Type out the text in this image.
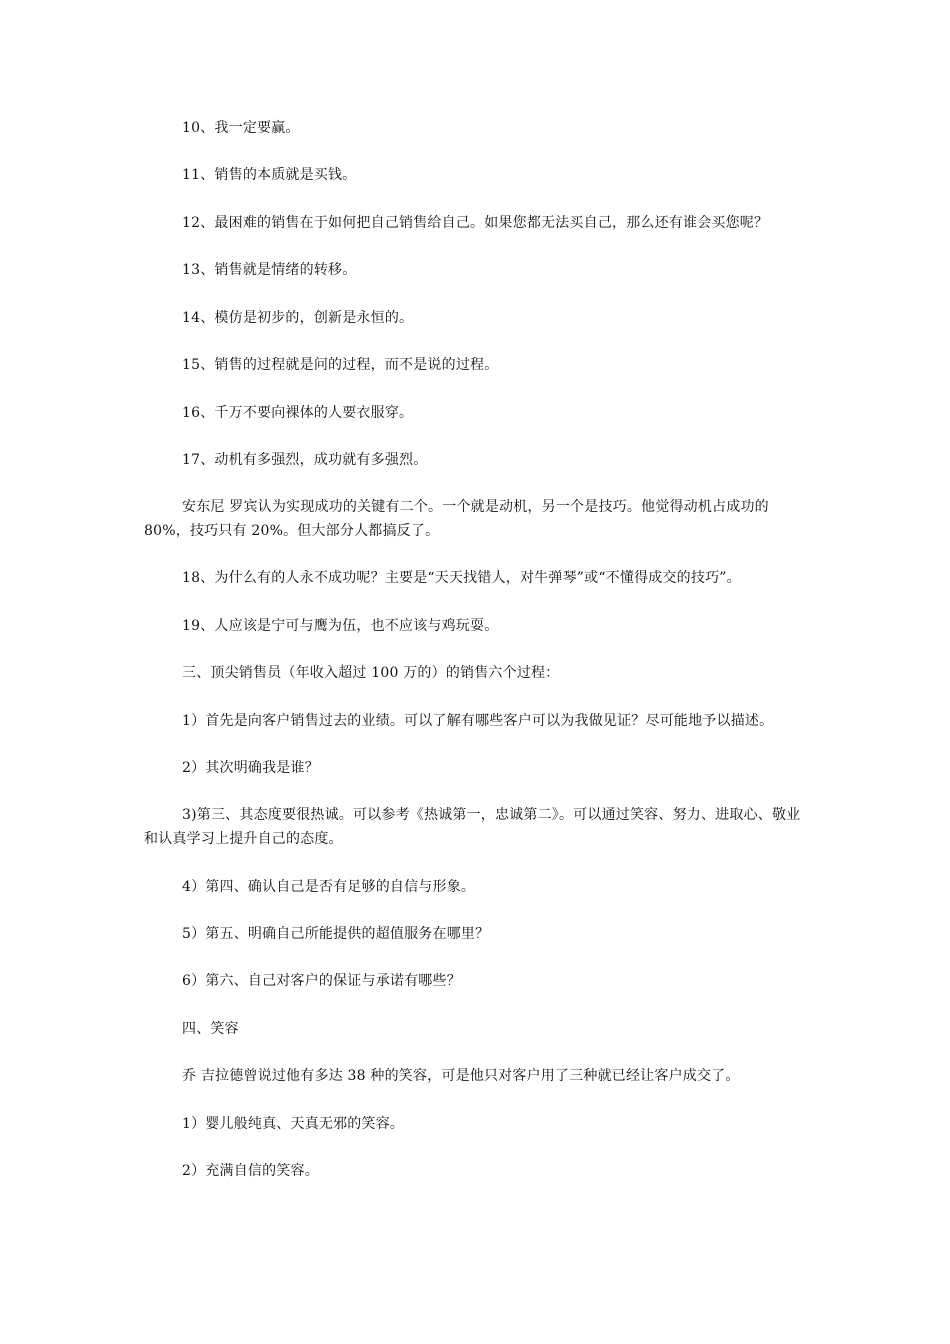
10、我一定要赢。
11、销售的本质就是买钱。
12、最困难的销售在于如何把自己销售给自己。如果您都无法买自己，那么还有谁会买您呢？
13、销售就是情绪的转移。
14、模仿是初步的，创新是永恒的。
15、销售的过程就是问的过程，而不是说的过程。
16、千万不要向裸体的人要衣服穿。
17、动机有多强烈，成功就有多强烈。
安东尼 罗宾认为实现成功的关键有二个。一个就是动机，另一个是技巧。他觉得动机占成功的
80%，技巧只有 20%。但大部分人都搞反了。
18、为什么有的人永不成功呢？主要是“天天找错人，对牛弹琴”或“不懂得成交的技巧”。
19、人应该是宁可与鹰为伍，也不应该与鸡玩耍。
三、顶尖销售员（年收入超过 100 万的）的销售六个过程：
1）首先是向客户销售过去的业绩。可以了解有哪些客户可以为我做见证？尽可能地予以描述。
2）其次明确我是谁？
3)第三、其态度要很热诚。可以参考《热诚第一，忠诚第二》。可以通过笑容、努力、进取心、敬业
和认真学习上提升自己的态度。
4）第四、确认自己是否有足够的自信与形象。
5）第五、明确自己所能提供的超值服务在哪里？
6）第六、自己对客户的保证与承诺有哪些？
四、笑容
乔 吉拉德曾说过他有多达 38 种的笑容，可是他只对客户用了三种就已经让客户成交了。
1）婴儿般纯真、天真无邪的笑容。
2）充满自信的笑容。
